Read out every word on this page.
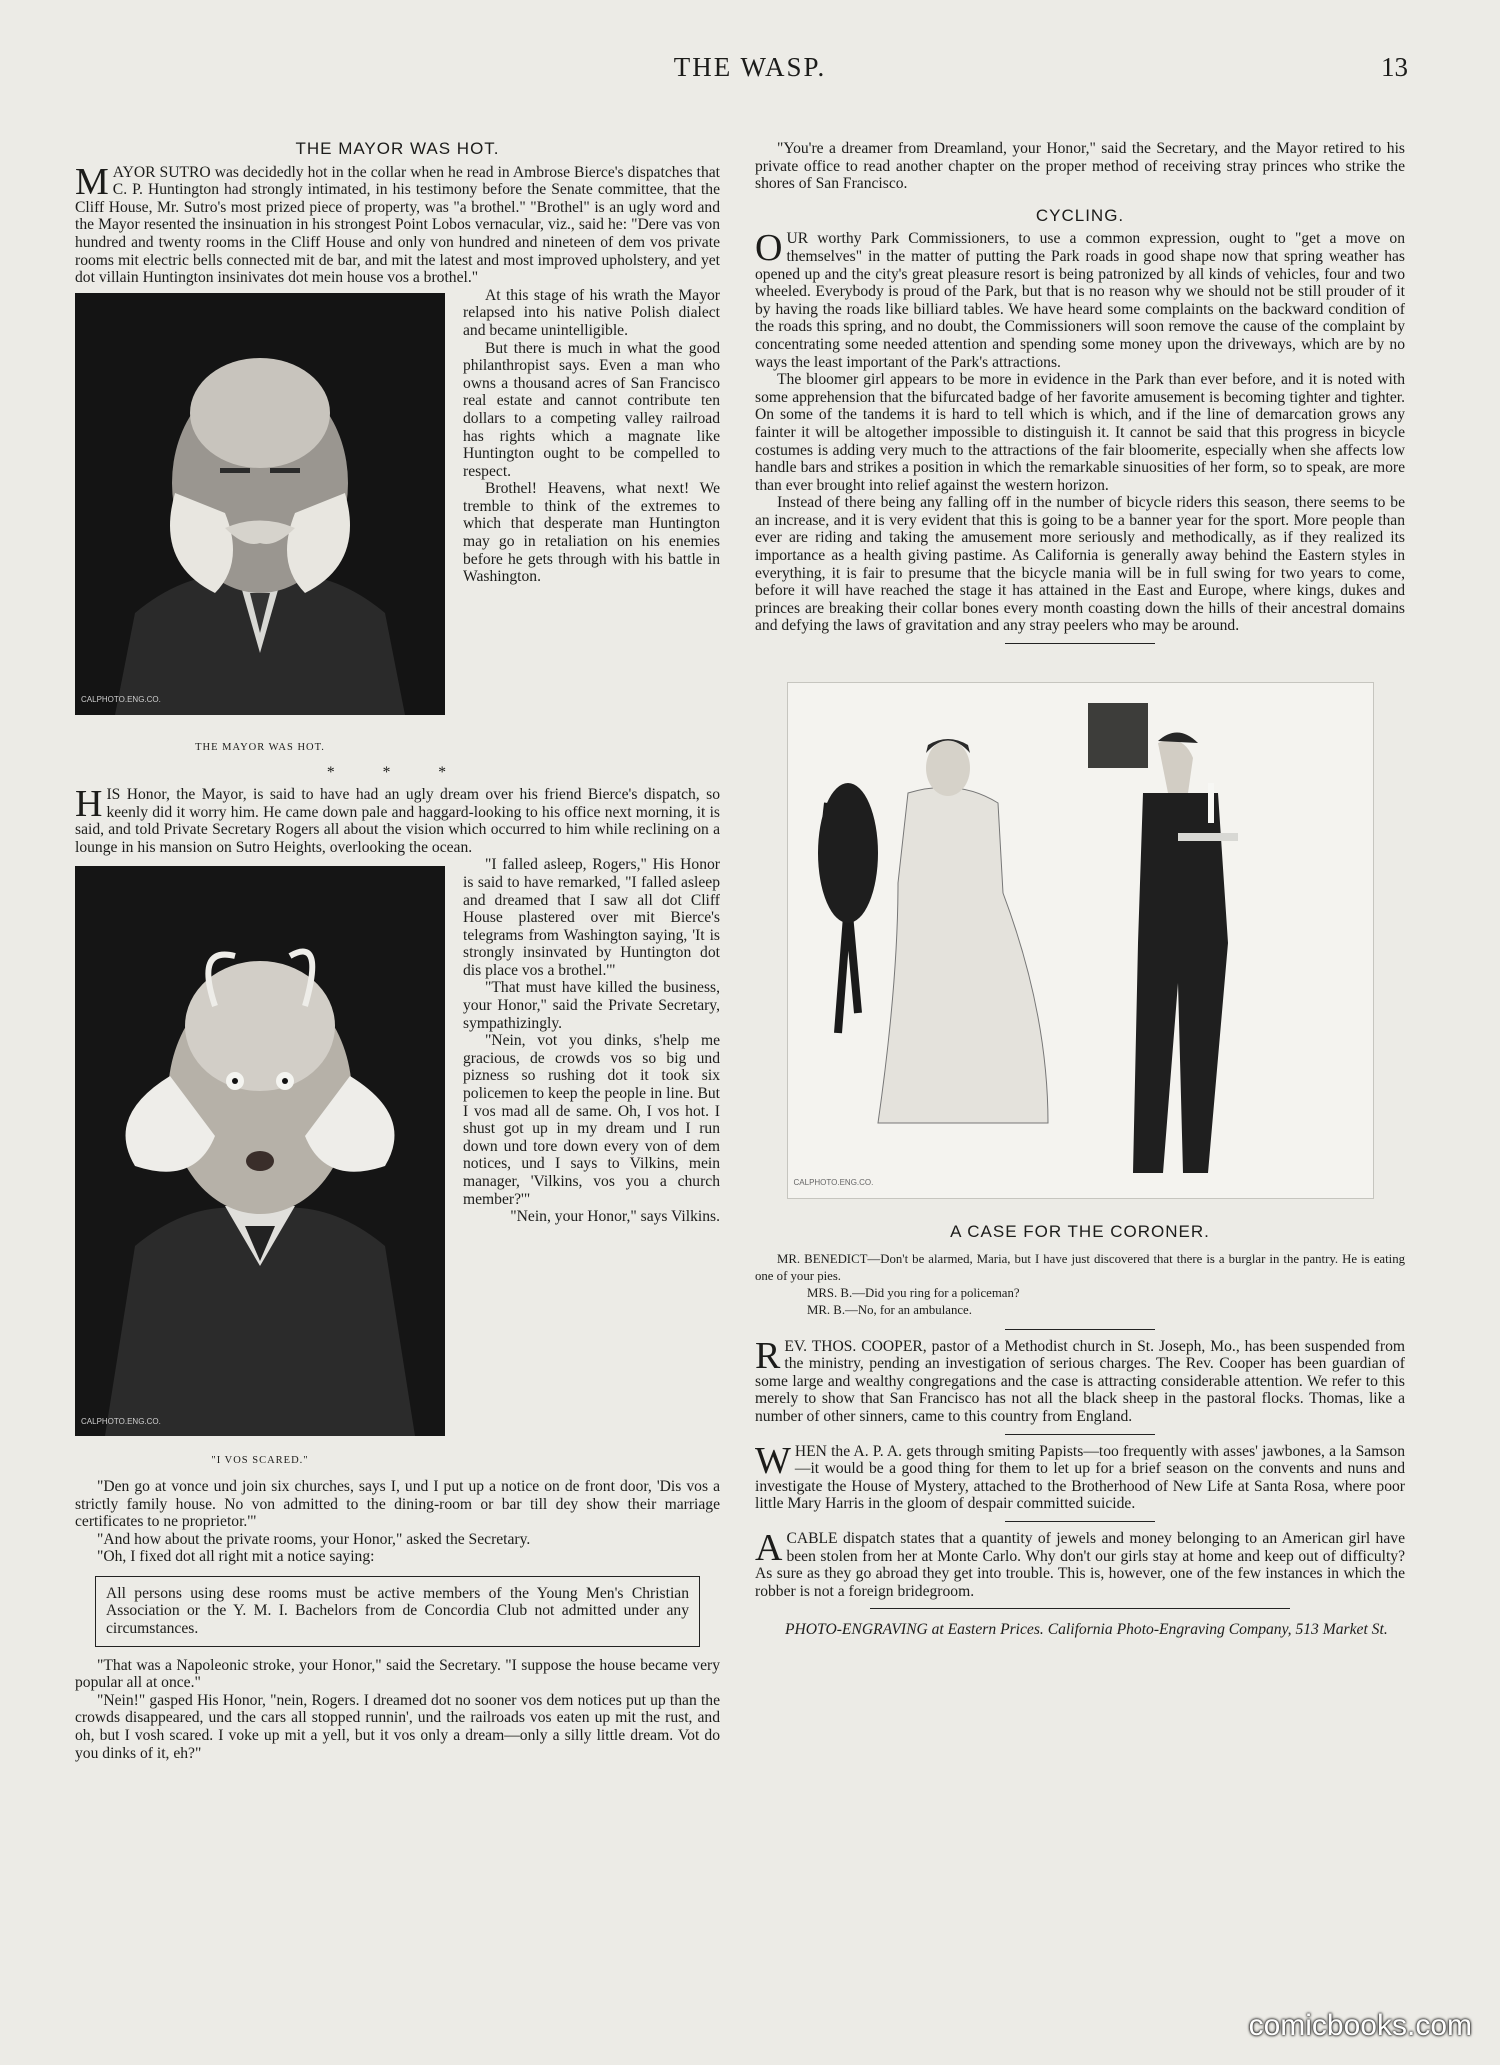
THE WASP.	13
THE MAYOR WAS HOT.

MAYOR SUTRO was decidedly hot in the collar when he read in Ambrose Bierce's dispatches that C. P. Huntington had strongly intimated, in his testimony before the Senate committee, that the Cliff House, Mr. Sutro's most prized piece of property, was "a brothel." "Brothel" is an ugly word and the Mayor resented the insinuation in his strongest Point Lobos vernacular, viz., said he: "Dere vas von hundred and twenty rooms in the Cliff House and only von hundred and nineteen of dem vos private rooms mit electric bells connected mit de bar, and mit the latest and most improved upholstery, and yet dot villain Huntington insinivates dot mein house vos a brothel."

CALPHOTO.ENG.CO.
THE MAYOR WAS HOT.

At this stage of his wrath the Mayor relapsed into his native Polish dialect and became unintelligible.

But there is much in what the good philanthropist says. Even a man who owns a thousand acres of San Francisco real estate and cannot contribute ten dollars to a competing valley railroad has rights which a magnate like Huntington ought to be compelled to respect.

Brothel! Heavens, what next! We tremble to think of the extremes to which that desperate man Huntington may go in retaliation on his enemies before he gets through with his battle in Washington.

* * *

HIS Honor, the Mayor, is said to have had an ugly dream over his friend Bierce's dispatch, so keenly did it worry him. He came down pale and haggard-looking to his office next morning, it is said, and told Private Secretary Rogers all about the vision which occurred to him while reclining on a lounge in his mansion on Sutro Heights, overlooking the ocean.

CALPHOTO.ENG.CO.
"I VOS SCARED."

"I falled asleep, Rogers," His Honor is said to have remarked, "I falled asleep and dreamed that I saw all dot Cliff House plastered over mit Bierce's telegrams from Washington saying, 'It is strongly insinvated by Huntington dot dis place vos a brothel.'"

"That must have killed the business, your Honor," said the Private Secretary, sympathizingly.

"Nein, vot you dinks, s'help me gracious, de crowds vos so big und pizness so rushing dot it took six policemen to keep the people in line. But I vos mad all de same. Oh, I vos hot. I shust got up in my dream und I run down und tore down every von of dem notices, und I says to Vilkins, mein manager, 'Vilkins, vos you a church member?'"

"Nein, your Honor," says Vilkins.

"Den go at vonce und join six churches, says I, und I put up a notice on de front door, 'Dis vos a strictly family house. No von admitted to the dining-room or bar till dey show their marriage certificates to ne proprietor.'"

"And how about the private rooms, your Honor," asked the Secretary.

"Oh, I fixed dot all right mit a notice saying:

All persons using dese rooms must be active members of the Young Men's Christian Association or the Y. M. I. Bachelors from de Concordia Club not admitted under any circumstances.

"That was a Napoleonic stroke, your Honor," said the Secretary. "I suppose the house became very popular all at once."

"Nein!" gasped His Honor, "nein, Rogers. I dreamed dot no sooner vos dem notices put up than the crowds disappeared, und the cars all stopped runnin', und the railroads vos eaten up mit the rust, and oh, but I vosh scared. I voke up mit a yell, but it vos only a dream—only a silly little dream. Vot do you dinks of it, eh?"

"You're a dreamer from Dreamland, your Honor," said the Secretary, and the Mayor retired to his private office to read another chapter on the proper method of receiving stray princes who strike the shores of San Francisco.

CYCLING.

OUR worthy Park Commissioners, to use a common expression, ought to "get a move on themselves" in the matter of putting the Park roads in good shape now that spring weather has opened up and the city's great pleasure resort is being patronized by all kinds of vehicles, four and two wheeled. Everybody is proud of the Park, but that is no reason why we should not be still prouder of it by having the roads like billiard tables. We have heard some complaints on the backward condition of the roads this spring, and no doubt, the Commissioners will soon remove the cause of the complaint by concentrating some needed attention and spending some money upon the driveways, which are by no ways the least important of the Park's attractions.

The bloomer girl appears to be more in evidence in the Park than ever before, and it is noted with some apprehension that the bifurcated badge of her favorite amusement is becoming tighter and tighter. On some of the tandems it is hard to tell which is which, and if the line of demarcation grows any fainter it will be altogether impossible to distinguish it. It cannot be said that this progress in bicycle costumes is adding very much to the attractions of the fair bloomerite, especially when she affects low handle bars and strikes a position in which the remarkable sinuosities of her form, so to speak, are more than ever brought into relief against the western horizon.

Instead of there being any falling off in the number of bicycle riders this season, there seems to be an increase, and it is very evident that this is going to be a banner year for the sport. More people than ever are riding and taking the amusement more seriously and methodically, as if they realized its importance as a health giving pastime. As California is generally away behind the Eastern styles in everything, it is fair to presume that the bicycle mania will be in full swing for two years to come, before it will have reached the stage it has attained in the East and Europe, where kings, dukes and princes are breaking their collar bones every month coasting down the hills of their ancestral domains and defying the laws of gravitation and any stray peelers who may be around.

CALPHOTO.ENG.CO.
A CASE FOR THE CORONER.

MR. BENEDICT—Don't be alarmed, Maria, but I have just discovered that there is a burglar in the pantry. He is eating one of your pies.

MRS. B.—Did you ring for a policeman?

MR. B.—No, for an ambulance.

REV. THOS. COOPER, pastor of a Methodist church in St. Joseph, Mo., has been suspended from the ministry, pending an investigation of serious charges. The Rev. Cooper has been guardian of some large and wealthy congregations and the case is attracting considerable attention. We refer to this merely to show that San Francisco has not all the black sheep in the pastoral flocks. Thomas, like a number of other sinners, came to this country from England.

WHEN the A. P. A. gets through smiting Papists—too frequently with asses' jawbones, a la Samson—it would be a good thing for them to let up for a brief season on the convents and nuns and investigate the House of Mystery, attached to the Brotherhood of New Life at Santa Rosa, where poor little Mary Harris in the gloom of despair committed suicide.

ACABLE dispatch states that a quantity of jewels and money belonging to an American girl have been stolen from her at Monte Carlo. Why don't our girls stay at home and keep out of difficulty? As sure as they go abroad they get into trouble. This is, however, one of the few instances in which the robber is not a foreign bridegroom.

PHOTO-ENGRAVING at Eastern Prices. California Photo-Engraving Company, 513 Market St.

comicbooks.com
